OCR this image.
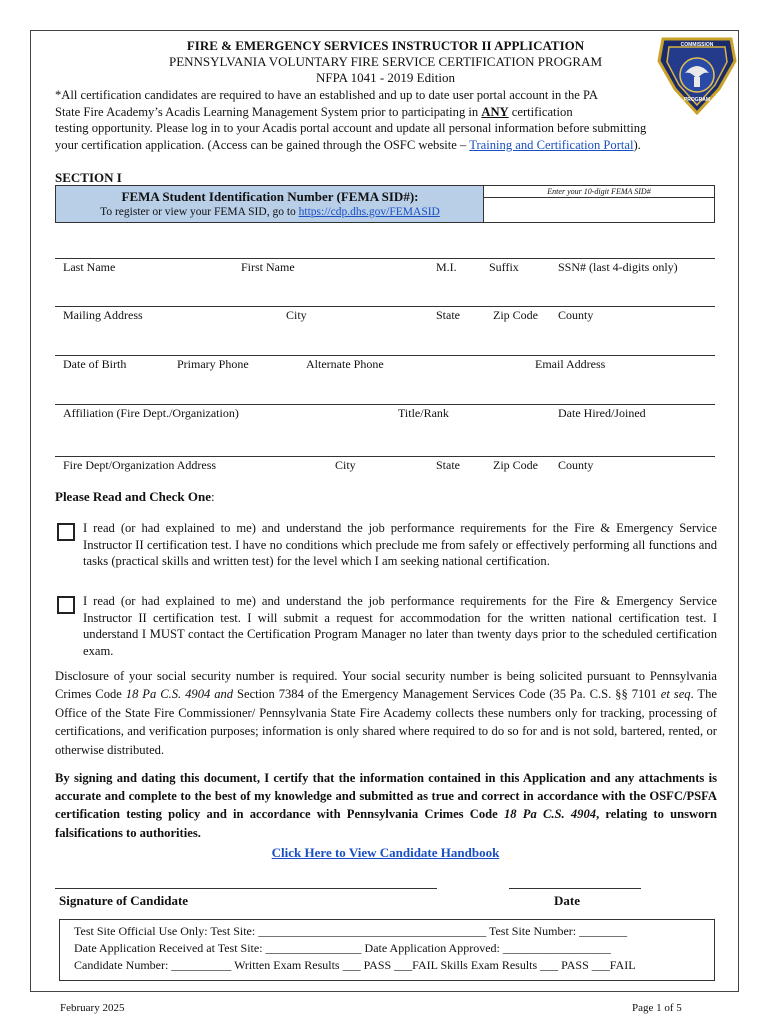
COMMISSION
PROGRAM
FIRE & EMERGENCY SERVICES INSTRUCTOR II APPLICATION
PENNSYLVANIA VOLUNTARY FIRE SERVICE CERTIFICATION PROGRAM
NFPA 1041 - 2019 Edition
*All certification candidates are required to have an established and up to date user portal account in the PA
State Fire Academy’s Acadis Learning Management System prior to participating in ANY certification
testing opportunity. Please log in to your Acadis portal account and update all personal information before submitting
your certification application. (Access can be gained through the OSFC website – Training and Certification Portal).
SECTION I
FEMA Student Identification Number (FEMA SID#):
To register or view your FEMA SID, go to https://cdp.dhs.gov/FEMASID
Enter your 10-digit FEMA SID#
Last Name	First Name	M.I.	Suffix	SSN# (last 4-digits only)
Mailing Address	City	State	Zip Code County
Date of Birth	Primary Phone	Alternate Phone	Email Address
Affiliation (Fire Dept./Organization)	Title/Rank	Date Hired/Joined
Fire Dept/Organization Address	City	State	Zip Code County
Please Read and Check One:
I read (or had explained to me) and understand the job performance requirements for the Fire & Emergency Service Instructor II certification test. I have no conditions which preclude me from safely or effectively performing all functions and tasks (practical skills and written test) for the level which I am seeking national certification.
I read (or had explained to me) and understand the job performance requirements for the Fire & Emergency Service Instructor II certification test. I will submit a request for accommodation for the written national certification test. I understand I MUST contact the Certification Program Manager no later than twenty days prior to the scheduled certification exam.
Disclosure of your social security number is required. Your social security number is being solicited pursuant to Pennsylvania Crimes Code 18 Pa C.S. 4904 and Section 7384 of the Emergency Management Services Code (35 Pa. C.S. §§ 7101 et seq. The Office of the State Fire Commissioner/ Pennsylvania State Fire Academy collects these numbers only for tracking, processing of certifications, and verification purposes; information is only shared where required to do so for and is not sold, bartered, rented, or otherwise distributed.
By signing and dating this document, I certify that the information contained in this Application and any attachments is accurate and complete to the best of my knowledge and submitted as true and correct in accordance with the OSFC/PSFA certification testing policy and in accordance with Pennsylvania Crimes Code 18 Pa C.S. 4904, relating to unsworn falsifications to authorities.
Click Here to View Candidate Handbook
Signature of Candidate	Date
Test Site Official Use Only: Test Site: ______________________________________ Test Site Number: ________
Date Application Received at Test Site: ________________ Date Application Approved: __________________
Candidate Number: __________ Written Exam Results ___ PASS ___FAIL Skills Exam Results ___ PASS ___FAIL
February 2025	Page 1 of 5
